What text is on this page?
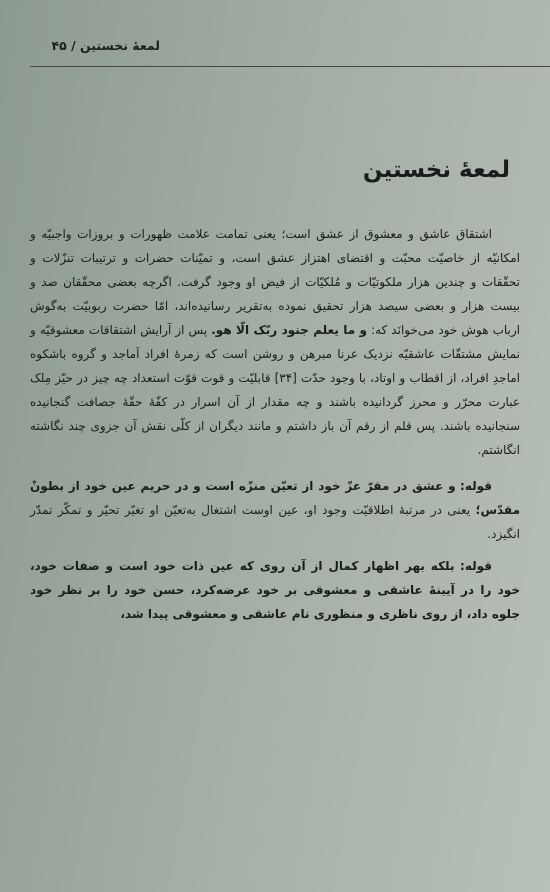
لمعهٔ نخستین / ۴۵
لمعهٔ نخستین

اشتقاق عاشق و معشوق از عشق است؛ یعنی تمامت علامت ظهورات و بروزات واجبیّه و امکانیّه از خاصیّت محبّت و اقتضای اهتزاز عشق است، و تمیّنات حضرات و ترتیبات تنزّلات و تحقّقات و چندین هزار ملکوتیّات و مُلکیّات از فیض او وجود گرفت. اگرچه بعضی محقّقان صد و بیست هزار و بعضی سیصد هزار تحقیق نموده به‌تقریر رسانیده‌اند، امّا حضرت ربوبیّت به‌گوش ارباب هوش خود می‌خوانَد که: و ما یعلم جنود ربّک الّا هو. پس از آرایش اشتقاقات معشوقیّه و نمایش مشتقّات عاشقیّه نزدیک عرنا مبرهن و روشن است که زمرهٔ افراد اَماجد و گروه باشکوه اماجدِ افراد، از اقطاب و اوتاد، با وجود حدّت [۳۴] قابلیّت و قوت قوّت استعداد چه چیز در حیّز مِلک عبارت محرّر و محرز گردانیده باشند و چه مقدار از آن اسرار در کفّهٔ حقّهٔ جصافت گنجانیده سنجانیده باشند. پس قلم از رقم آن باز داشتم و مانند دیگران از کلّی نقش آن جزوی چند نگاشته انگاشتم.

قوله: و عشق در مقرّ عزّ خود از تعیّن منزّه است و در حریم عین خود از بطونْ مقدّس؛ یعنی در مرتبهٔ اطلاقیّت وجود او، عین اوست اشتغال به‌تعیّن او تغیّر تحیّر و تمکّر تمدّر انگیزد.

قوله: بلکه بهر اظهار کمال از آن روی که عین ذات خود است و صفات خود، خود را در آیینهٔ عاشقی و معشوقی بر خود عرضه‌کرد، حسن خود را بر نظر خود جلوه داد، از روی ناظری و منظوری نام عاشقی و معشوقی پیدا شد،
